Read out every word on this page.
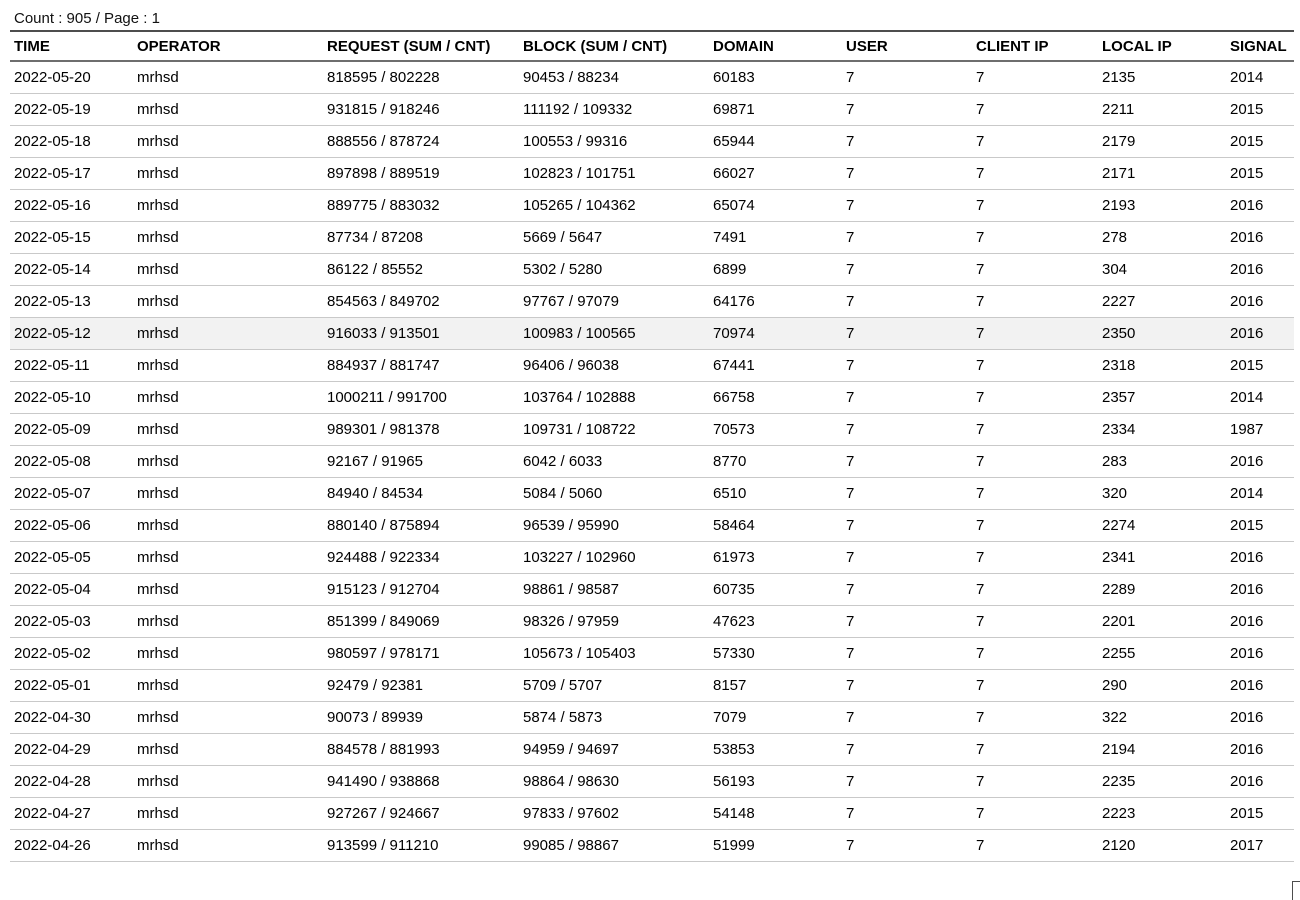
Count : 905 / Page : 1
TIME	OPERATOR	REQUEST (SUM / CNT)	BLOCK (SUM / CNT)	DOMAIN	USER	CLIENT IP	LOCAL IP	SIGNAL
2022-05-20	mrhsd	818595 / 802228	90453 / 88234	60183	7	7	2135	2014
2022-05-19	mrhsd	931815 / 918246	111192 / 109332	69871	7	7	2211	2015
2022-05-18	mrhsd	888556 / 878724	100553 / 99316	65944	7	7	2179	2015
2022-05-17	mrhsd	897898 / 889519	102823 / 101751	66027	7	7	2171	2015
2022-05-16	mrhsd	889775 / 883032	105265 / 104362	65074	7	7	2193	2016
2022-05-15	mrhsd	87734 / 87208	5669 / 5647	7491	7	7	278	2016
2022-05-14	mrhsd	86122 / 85552	5302 / 5280	6899	7	7	304	2016
2022-05-13	mrhsd	854563 / 849702	97767 / 97079	64176	7	7	2227	2016
2022-05-12	mrhsd	916033 / 913501	100983 / 100565	70974	7	7	2350	2016
2022-05-11	mrhsd	884937 / 881747	96406 / 96038	67441	7	7	2318	2015
2022-05-10	mrhsd	1000211 / 991700	103764 / 102888	66758	7	7	2357	2014
2022-05-09	mrhsd	989301 / 981378	109731 / 108722	70573	7	7	2334	1987
2022-05-08	mrhsd	92167 / 91965	6042 / 6033	8770	7	7	283	2016
2022-05-07	mrhsd	84940 / 84534	5084 / 5060	6510	7	7	320	2014
2022-05-06	mrhsd	880140 / 875894	96539 / 95990	58464	7	7	2274	2015
2022-05-05	mrhsd	924488 / 922334	103227 / 102960	61973	7	7	2341	2016
2022-05-04	mrhsd	915123 / 912704	98861 / 98587	60735	7	7	2289	2016
2022-05-03	mrhsd	851399 / 849069	98326 / 97959	47623	7	7	2201	2016
2022-05-02	mrhsd	980597 / 978171	105673 / 105403	57330	7	7	2255	2016
2022-05-01	mrhsd	92479 / 92381	5709 / 5707	8157	7	7	290	2016
2022-04-30	mrhsd	90073 / 89939	5874 / 5873	7079	7	7	322	2016
2022-04-29	mrhsd	884578 / 881993	94959 / 94697	53853	7	7	2194	2016
2022-04-28	mrhsd	941490 / 938868	98864 / 98630	56193	7	7	2235	2016
2022-04-27	mrhsd	927267 / 924667	97833 / 97602	54148	7	7	2223	2015
2022-04-26	mrhsd	913599 / 911210	99085 / 98867	51999	7	7	2120	2017
